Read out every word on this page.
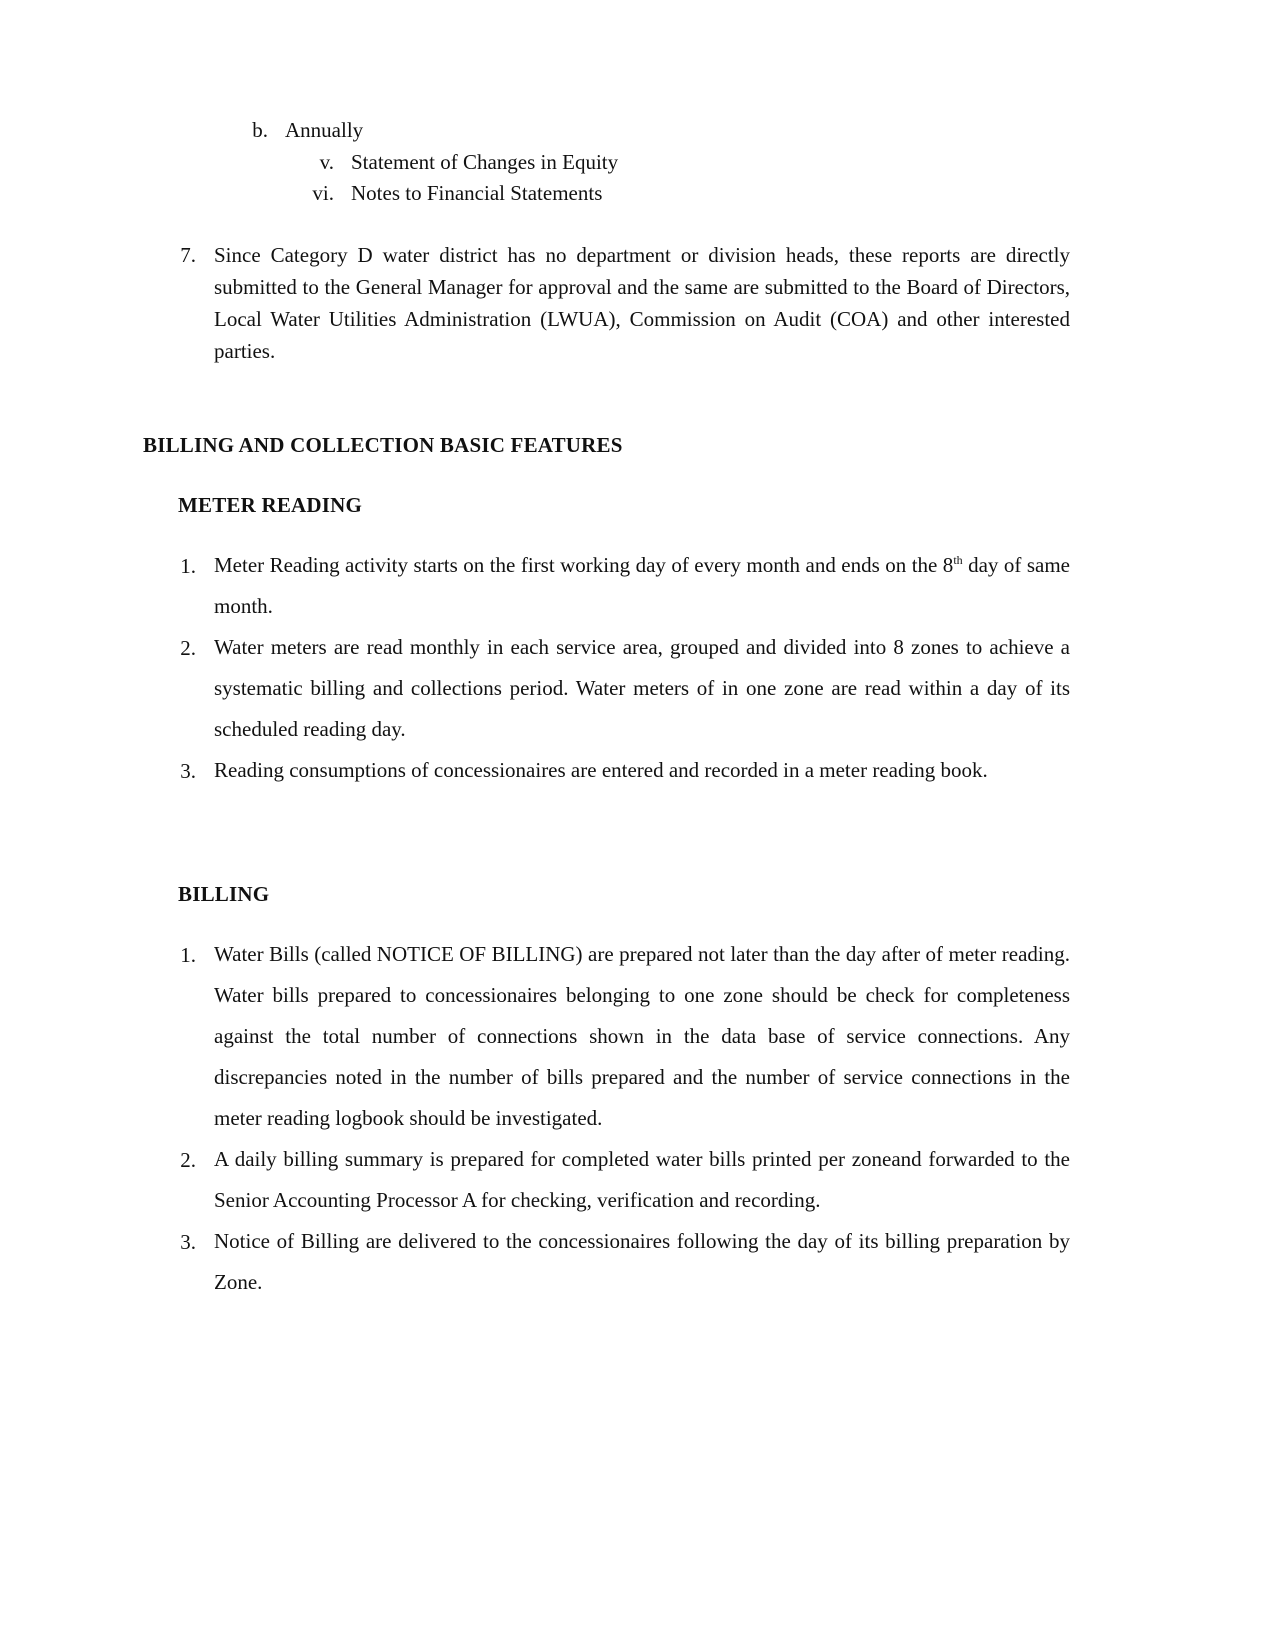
b. Annually
v. Statement of Changes in Equity
vi. Notes to Financial Statements
7. Since Category D water district has no department or division heads, these reports are directly submitted to the General Manager for approval and the same are submitted to the Board of Directors, Local Water Utilities Administration (LWUA), Commission on Audit (COA) and other interested parties.
BILLING AND COLLECTION BASIC FEATURES
METER READING
1. Meter Reading activity starts on the first working day of every month and ends on the 8th day of same month.
2. Water meters are read monthly in each service area, grouped and divided into 8 zones to achieve a systematic billing and collections period. Water meters of in one zone are read within a day of its scheduled reading day.
3. Reading consumptions of concessionaires are entered and recorded in a meter reading book.
BILLING
1. Water Bills (called NOTICE OF BILLING) are prepared not later than the day after of meter reading. Water bills prepared to concessionaires belonging to one zone should be check for completeness against the total number of connections shown in the data base of service connections. Any discrepancies noted in the number of bills prepared and the number of service connections in the meter reading logbook should be investigated.
2. A daily billing summary is prepared for completed water bills printed per zoneand forwarded to the Senior Accounting Processor A for checking, verification and recording.
3. Notice of Billing are delivered to the concessionaires following the day of its billing preparation by Zone.
